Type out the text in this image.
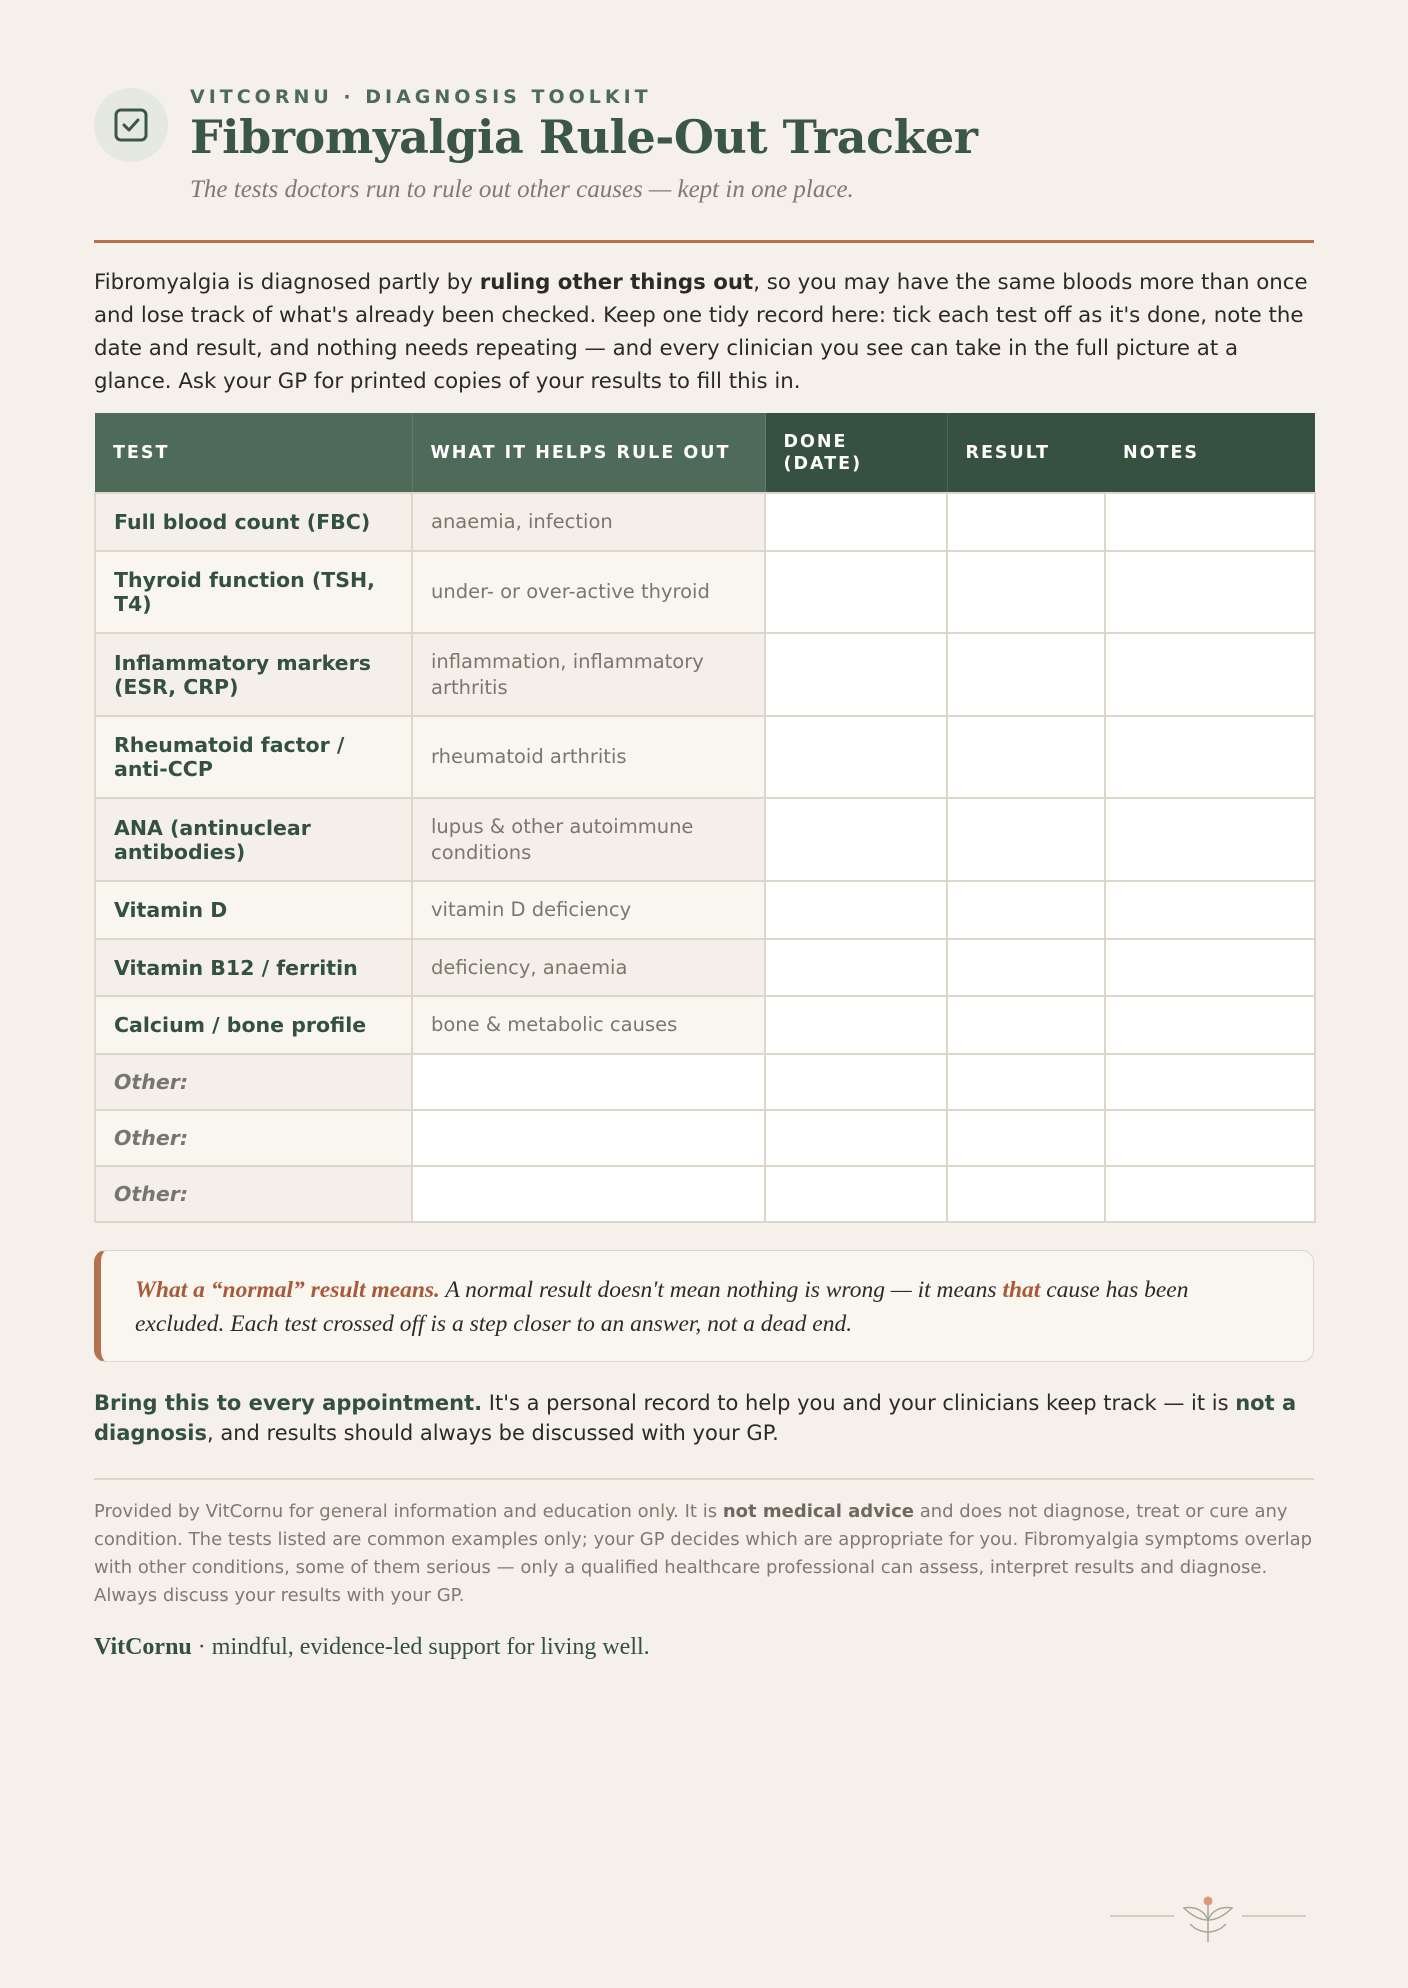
VITCORNU · DIAGNOSIS TOOLKIT
Fibromyalgia Rule-Out Tracker
The tests doctors run to rule out other causes — kept in one place.

Fibromyalgia is diagnosed partly by ruling other things out, so you may have the same bloods more than once and lose track of what's already been checked. Keep one tidy record here: tick each test off as it's done, note the date and result, and nothing needs repeating — and every clinician you see can take in the full picture at a glance. Ask your GP for printed copies of your results to fill this in.

TEST	WHAT IT HELPS RULE OUT	DONE (DATE)	RESULT	NOTES
Full blood count (FBC)	anaemia, infection			
Thyroid function (TSH, T4)	under- or over-active thyroid			
Inflammatory markers (ESR, CRP)	inflammation, inflammatory arthritis			
Rheumatoid factor / anti-CCP	rheumatoid arthritis			
ANA (antinuclear antibodies)	lupus & other autoimmune conditions			
Vitamin D	vitamin D deficiency			
Vitamin B12 / ferritin	deficiency, anaemia			
Calcium / bone profile	bone & metabolic causes			
Other:				
Other:				
Other:				
What a “normal” result means. A normal result doesn't mean nothing is wrong — it means that cause has been excluded. Each test crossed off is a step closer to an answer, not a dead end.

Bring this to every appointment. It's a personal record to help you and your clinicians keep track — it is not a diagnosis, and results should always be discussed with your GP.

Provided by VitCornu for general information and education only. It is not medical advice and does not diagnose, treat or cure any condition. The tests listed are common examples only; your GP decides which are appropriate for you. Fibromyalgia symptoms overlap with other conditions, some of them serious — only a qualified healthcare professional can assess, interpret results and diagnose. Always discuss your results with your GP.

VitCornu · mindful, evidence-led support for living well.
